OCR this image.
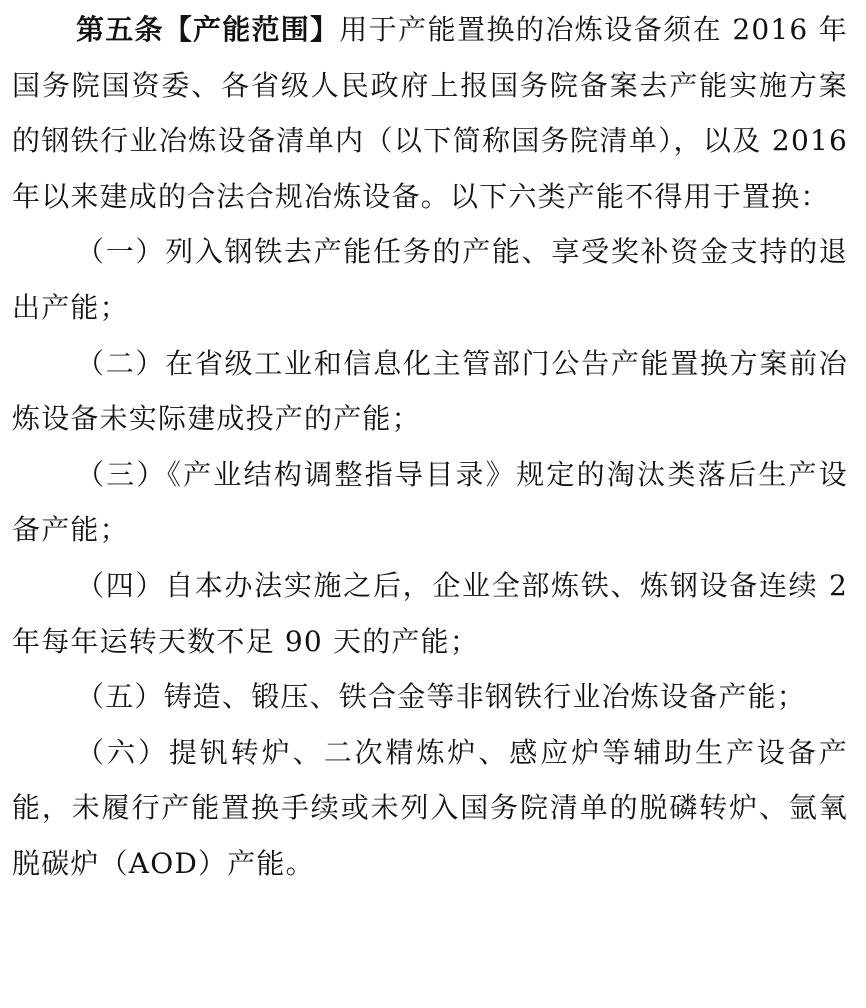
第五条【产能范围】用于产能置换的冶炼设备须在 2016 年国务院国资委、各省级人民政府上报国务院备案去产能实施方案的钢铁行业冶炼设备清单内（以下简称国务院清单），以及 2016 年以来建成的合法合规冶炼设备。以下六类产能不得用于置换：

（一）列入钢铁去产能任务的产能、享受奖补资金支持的退出产能；

（二）在省级工业和信息化主管部门公告产能置换方案前冶炼设备未实际建成投产的产能；

（三）《产业结构调整指导目录》规定的淘汰类落后生产设备产能；

（四）自本办法实施之后，企业全部炼铁、炼钢设备连续 2 年每年运转天数不足 90 天的产能；

（五）铸造、锻压、铁合金等非钢铁行业冶炼设备产能；

（六）提钒转炉、二次精炼炉、感应炉等辅助生产设备产能，未履行产能置换手续或未列入国务院清单的脱磷转炉、氩氧脱碳炉（AOD）产能。
